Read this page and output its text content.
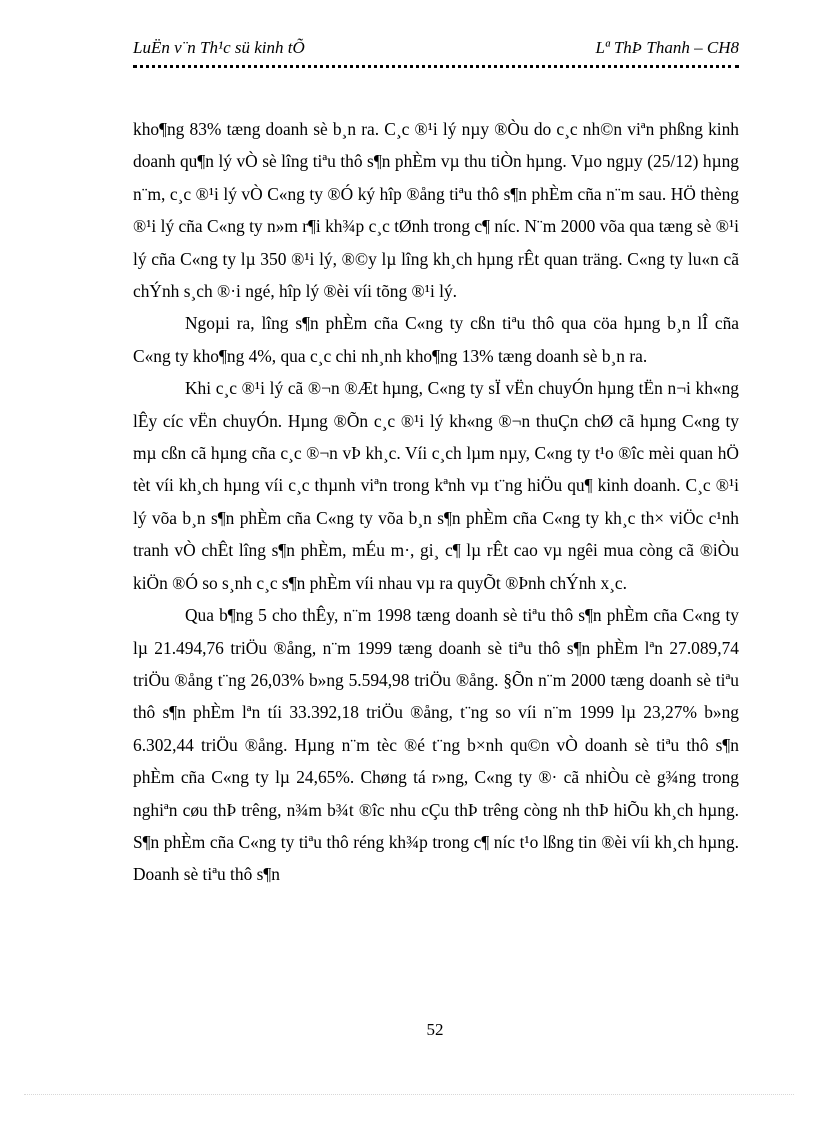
LuËn v¨n Th¹c sü kinh tÕ	Lª ThÞ Thanh – CH8

kho¶ng 83% tæng doanh sè b¸n ra. C¸c ®¹i lý nµy ®Òu do c¸c nh©n viªn phßng kinh doanh qu¶n lý vÒ sè lîng tiªu thô s¶n phÈm vµ thu tiÒn hµng. Vµo ngµy (25/12) hµng n¨m, c¸c ®¹i lý vÒ C«ng ty ®Ó ký hîp ®ång tiªu thô s¶n phÈm cña n¨m sau. HÖ thèng ®¹i lý cña C«ng ty n»m r¶i kh¾p c¸c tØnh trong c¶ níc. N¨m 2000 võa qua tæng sè ®¹i lý cña C«ng ty lµ 350 ®¹i lý, ®©y lµ lîng kh¸ch hµng rÊt quan träng. C«ng ty lu«n cã chÝnh s¸ch ®·i ngé, hîp lý ®èi víi tõng ®¹i lý.

Ngoµi ra, lîng s¶n phÈm cña C«ng ty cßn tiªu thô qua cöa hµng b¸n lÎ cña C«ng ty kho¶ng 4%, qua c¸c chi nh¸nh kho¶ng 13% tæng doanh sè b¸n ra.

Khi c¸c ®¹i lý cã ®¬n ®Æt hµng, C«ng ty sÏ vËn chuyÓn hµng tËn n¬i kh«ng lÊy cíc vËn chuyÓn. Hµng ®Õn c¸c ®¹i lý kh«ng ®¬n thuÇn chØ cã hµng C«ng ty mµ cßn cã hµng cña c¸c ®¬n vÞ kh¸c. Víi c¸ch lµm nµy, C«ng ty t¹o ®îc mèi quan hÖ tèt víi kh¸ch hµng víi c¸c thµnh viªn trong kªnh vµ t¨ng hiÖu qu¶ kinh doanh. C¸c ®¹i lý võa b¸n s¶n phÈm cña C«ng ty võa b¸n s¶n phÈm cña C«ng ty kh¸c th× viÖc c¹nh tranh vÒ chÊt lîng s¶n phÈm, mÉu m·, gi¸ c¶ lµ rÊt cao vµ ngêi mua còng cã ®iÒu kiÖn ®Ó so s¸nh c¸c s¶n phÈm víi nhau vµ ra quyÕt ®Þnh chÝnh x¸c.

Qua b¶ng 5 cho thÊy, n¨m 1998 tæng doanh sè tiªu thô s¶n phÈm cña C«ng ty lµ 21.494,76 triÖu ®ång, n¨m 1999 tæng doanh sè tiªu thô s¶n phÈm lªn 27.089,74 triÖu ®ång t¨ng 26,03% b»ng 5.594,98 triÖu ®ång. §Õn n¨m 2000 tæng doanh sè tiªu thô s¶n phÈm lªn tíi 33.392,18 triÖu ®ång, t¨ng so víi n¨m 1999 lµ 23,27% b»ng 6.302,44 triÖu ®ång. Hµng n¨m tèc ®é t¨ng b×nh qu©n vÒ doanh sè tiªu thô s¶n phÈm cña C«ng ty lµ 24,65%. Chøng tá r»ng, C«ng ty ®· cã nhiÒu cè g¾ng trong nghiªn cøu thÞ trêng, n¾m b¾t ®îc nhu cÇu thÞ trêng còng nh thÞ hiÕu kh¸ch hµng. S¶n phÈm cña C«ng ty tiªu thô réng kh¾p trong c¶ níc t¹o lßng tin ®èi víi kh¸ch hµng. Doanh sè tiªu thô s¶n

52
